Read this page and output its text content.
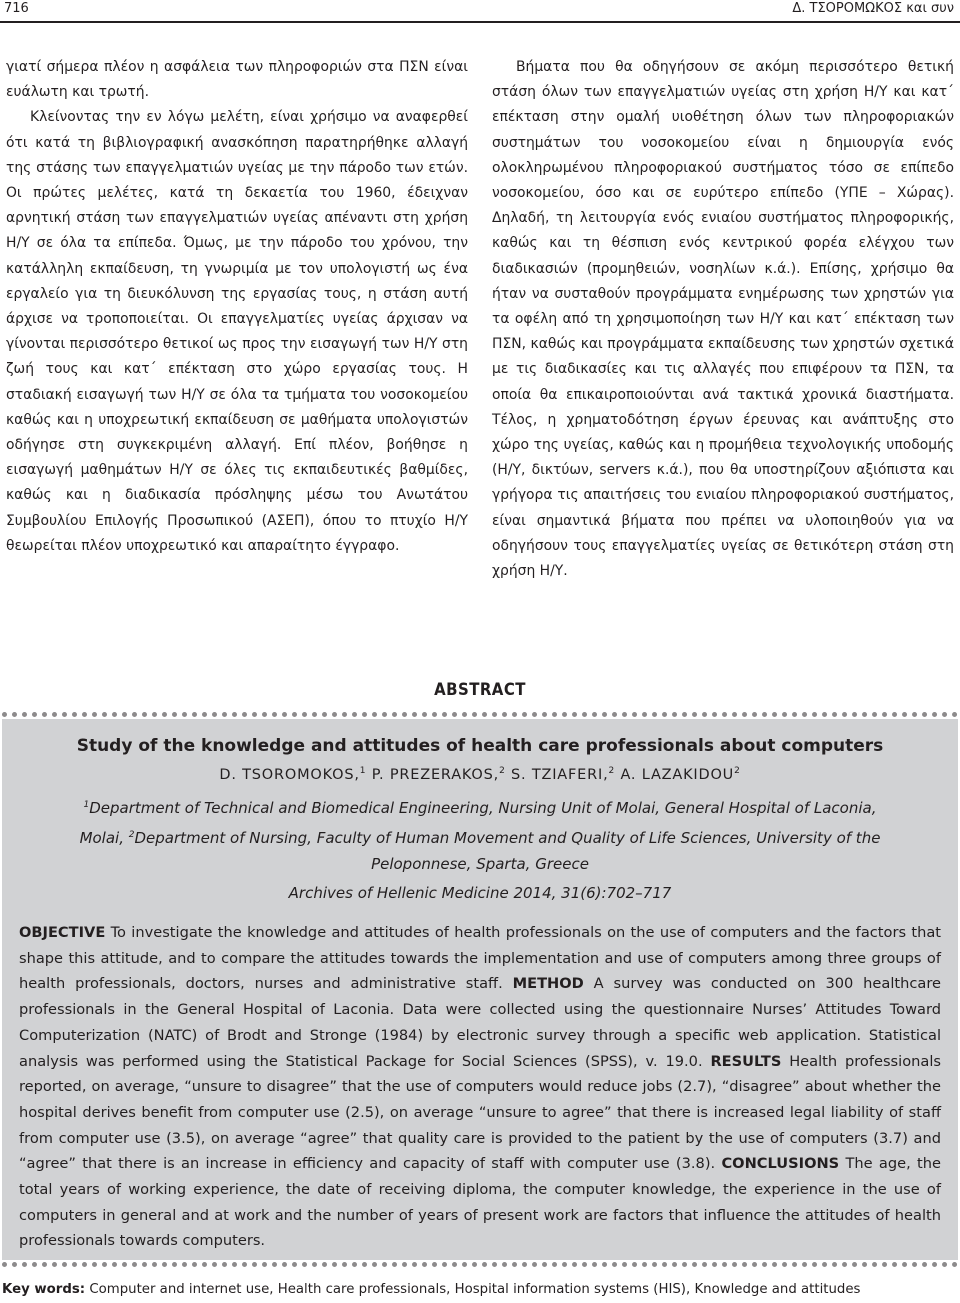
716	Δ. ΤΣΟΡΟΜΩΚΟΣ και συν

γιατί σήμερα πλέον η ασφάλεια των πληροφοριών στα ΠΣΝ είναι ευάλωτη και τρωτή.

Κλείνοντας την εν λόγω μελέτη, είναι χρήσιμο να αναφερθεί ότι κατά τη βιβλιογραφική ανασκόπηση παρατηρήθηκε αλλαγή της στάσης των επαγγελματιών υγείας με την πάροδο των ετών. Οι πρώτες μελέτες, κατά τη δεκαετία του 1960, έδειχναν αρνητική στάση των επαγγελματιών υγείας απέναντι στη χρήση Η/Υ σε όλα τα επίπεδα. Όμως, με την πάροδο του χρόνου, την κατάλληλη εκπαίδευση, τη γνωριμία με τον υπολογιστή ως ένα εργαλείο για τη διευκόλυνση της εργασίας τους, η στάση αυτή άρχισε να τροποποιείται. Οι επαγγελματίες υγείας άρχισαν να γίνονται περισσότερο θετικοί ως προς την εισαγωγή των Η/Υ στη ζωή τους και κατ΄ επέκταση στο χώρο εργασίας τους. Η σταδιακή εισαγωγή των Η/Υ σε όλα τα τμήματα του νοσοκομείου καθώς και η υποχρεωτική εκπαίδευση σε μαθήματα υπολογιστών οδήγησε στη συγκεκριμένη αλλαγή. Επί πλέον, βοήθησε η εισαγωγή μαθημάτων Η/Υ σε όλες τις εκπαιδευτικές βαθμίδες, καθώς και η διαδικασία πρόσληψης μέσω του Ανωτάτου Συμβουλίου Επιλογής Προσωπικού (ΑΣΕΠ), όπου το πτυχίο Η/Υ θεωρείται πλέον υποχρεωτικό και απαραίτητο έγγραφο.

Βήματα που θα οδηγήσουν σε ακόμη περισσότερο θετική στάση όλων των επαγγελματιών υγείας στη χρήση Η/Υ και κατ΄ επέκταση στην ομαλή υιοθέτηση όλων των πληροφοριακών συστημάτων του νοσοκομείου είναι η δημιουργία ενός ολοκληρωμένου πληροφοριακού συστήματος τόσο σε επίπεδο νοσοκομείου, όσο και σε ευρύτερο επίπεδο (ΥΠΕ – Χώρας). Δηλαδή, τη λειτουργία ενός ενιαίου συστήματος πληροφορικής, καθώς και τη θέσπιση ενός κεντρικού φορέα ελέγχου των διαδικασιών (προμηθειών, νοσηλίων κ.ά.). Επίσης, χρήσιμο θα ήταν να συσταθούν προγράμματα ενημέρωσης των χρηστών για τα οφέλη από τη χρησιμοποίηση των Η/Υ και κατ΄ επέκταση των ΠΣΝ, καθώς και προγράμματα εκπαίδευσης των χρηστών σχετικά με τις διαδικασίες και τις αλλαγές που επιφέρουν τα ΠΣΝ, τα οποία θα επικαιροποιούνται ανά τακτικά χρονικά διαστήματα. Τέλος, η χρηματοδότηση έργων έρευνας και ανάπτυξης στο χώρο της υγείας, καθώς και η προμήθεια τεχνολογικής υποδομής (Η/Υ, δικτύων, servers κ.ά.), που θα υποστηρίζουν αξιόπιστα και γρήγορα τις απαιτήσεις του ενιαίου πληροφοριακού συστήματος, είναι σημαντικά βήματα που πρέπει να υλοποιηθούν για να οδηγήσουν τους επαγγελματίες υγείας σε θετικότερη στάση στη χρήση Η/Υ.

ABSTRACT
Study of the knowledge and attitudes of health care professionals about computers
D. TSOROMOKOS,$^1$ P. PREZERAKOS,$^2$ S. TZIAFERI,$^2$ A. LAZAKIDOU$^2$
$^1$Department of Technical and Biomedical Engineering, Nursing Unit of Molai, General Hospital of Laconia, Molai, $^2$Department of Nursing, Faculty of Human Movement and Quality of Life Sciences, University of the Peloponnese, Sparta, Greece
Archives of Hellenic Medicine 2014, 31(6):702–717
OBJECTIVE To investigate the knowledge and attitudes of health professionals on the use of computers and the factors that shape this attitude, and to compare the attitudes towards the implementation and use of computers among three groups of health professionals, doctors, nurses and administrative staff. METHOD A survey was conducted on 300 healthcare professionals in the General Hospital of Laconia. Data were collected using the questionnaire Nurses’ Attitudes Toward Computerization (NATC) of Brodt and Stronge (1984) by electronic survey through a specific web application. Statistical analysis was performed using the Statistical Package for Social Sciences (SPSS), v. 19.0. RESULTS Health professionals reported, on average, “unsure to disagree” that the use of computers would reduce jobs (2.7), “disagree” about whether the hospital derives benefit from computer use (2.5), on average “unsure to agree” that there is increased legal liability of staff from computer use (3.5), on average “agree” that quality care is provided to the patient by the use of computers (3.7) and “agree” that there is an increase in efficiency and capacity of staff with computer use (3.8). CONCLUSIONS The age, the total years of working experience, the date of receiving diploma, the computer knowledge, the experience in the use of computers in general and at work and the number of years of present work are factors that influence the attitudes of health professionals towards computers.
Key words: Computer and internet use, Health care professionals, Hospital information systems (HIS), Knowledge and attitudes
